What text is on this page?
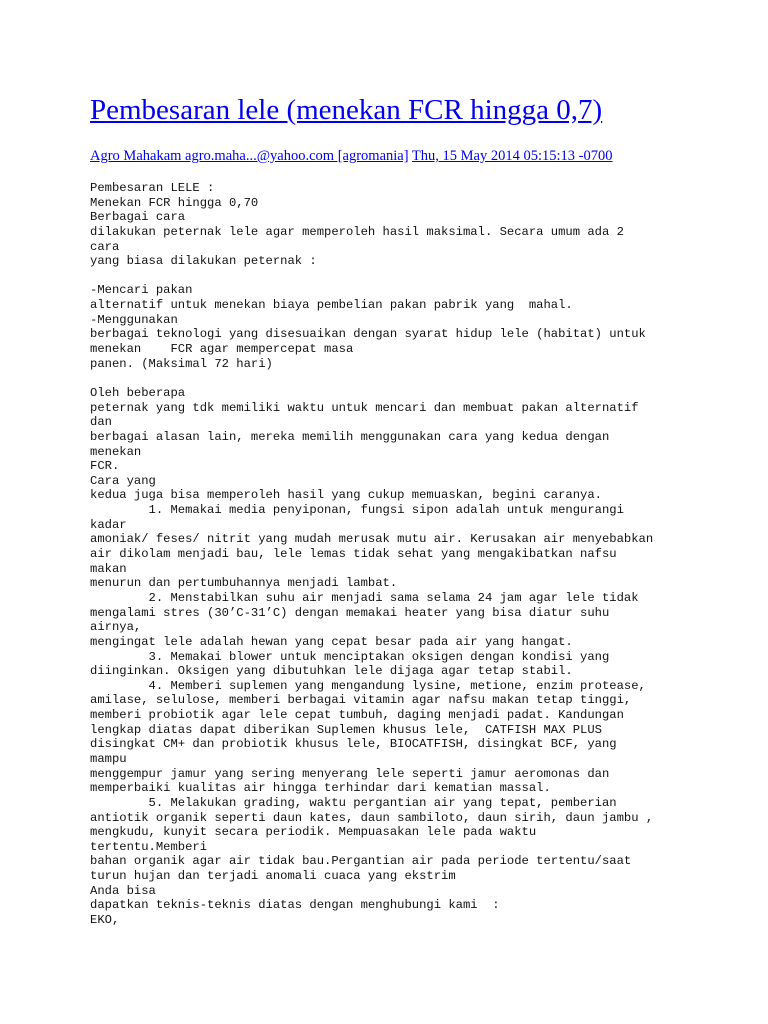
Pembesaran lele (menekan FCR hingga 0,7)
Agro Mahakam agro.maha...@yahoo.com [agromania] Thu, 15 May 2014 05:15:13 -0700
Pembesaran LELE :
Menekan FCR hingga 0,70
Berbagai cara
dilakukan peternak lele agar memperoleh hasil maksimal. Secara umum ada 2
cara
yang biasa dilakukan peternak :

-Mencari pakan
alternatif untuk menekan biaya pembelian pakan pabrik yang  mahal.
-Menggunakan
berbagai teknologi yang disesuaikan dengan syarat hidup lele (habitat) untuk
menekan    FCR agar mempercepat masa
panen. (Maksimal 72 hari)

Oleh beberapa
peternak yang tdk memiliki waktu untuk mencari dan membuat pakan alternatif
dan
berbagai alasan lain, mereka memilih menggunakan cara yang kedua dengan
menekan
FCR.
Cara yang
kedua juga bisa memperoleh hasil yang cukup memuaskan, begini caranya.
1. Memakai media penyiponan, fungsi sipon adalah untuk mengurangi
kadar
amoniak/ feses/ nitrit yang mudah merusak mutu air. Kerusakan air menyebabkan
air dikolam menjadi bau, lele lemas tidak sehat yang mengakibatkan nafsu
makan
menurun dan pertumbuhannya menjadi lambat.
2. Menstabilkan suhu air menjadi sama selama 24 jam agar lele tidak
mengalami stres (30’C-31’C) dengan memakai heater yang bisa diatur suhu
airnya,
mengingat lele adalah hewan yang cepat besar pada air yang hangat.
3. Memakai blower untuk menciptakan oksigen dengan kondisi yang
diinginkan. Oksigen yang dibutuhkan lele dijaga agar tetap stabil.
4. Memberi suplemen yang mengandung lysine, metione, enzim protease,
amilase, selulose, memberi berbagai vitamin agar nafsu makan tetap tinggi,
memberi probiotik agar lele cepat tumbuh, daging menjadi padat. Kandungan
lengkap diatas dapat diberikan Suplemen khusus lele,  CATFISH MAX PLUS
disingkat CM+ dan probiotik khusus lele, BIOCATFISH, disingkat BCF, yang
mampu
menggempur jamur yang sering menyerang lele seperti jamur aeromonas dan
memperbaiki kualitas air hingga terhindar dari kematian massal.
5. Melakukan grading, waktu pergantian air yang tepat, pemberian
antiotik organik seperti daun kates, daun sambiloto, daun sirih, daun jambu ,
mengkudu, kunyit secara periodik. Mempuasakan lele pada waktu
tertentu.Memberi
bahan organik agar air tidak bau.Pergantian air pada periode tertentu/saat
turun hujan dan terjadi anomali cuaca yang ekstrim
Anda bisa
dapatkan teknis-teknis diatas dengan menghubungi kami  :
EKO,
